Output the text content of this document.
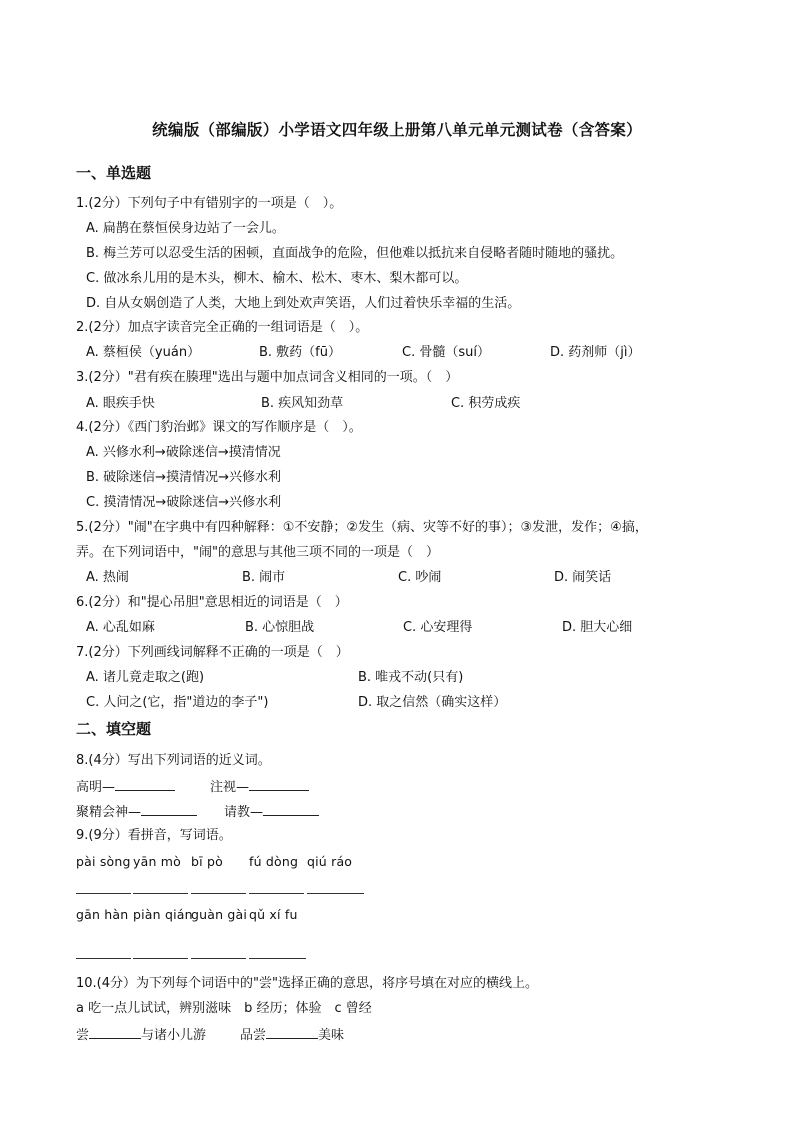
统编版（部编版）小学语文四年级上册第八单元单元测试卷（含答案）
一、单选题
1.(2分）下列句子中有错别字的一项是（　）。
A. 扁鹊在蔡恒侯身边站了一会儿。
B. 梅兰芳可以忍受生活的困顿，直面战争的危险，但他难以抵抗来自侵略者随时随地的骚扰。
C. 做冰糸儿用的是木头，柳木、榆木、松木、枣木、梨木都可以。
D. 自从女娲创造了人类，大地上到处欢声笑语，人们过着快乐幸福的生活。
2.(2分）加点字读音完全正确的一组词语是（　）。
A. 蔡桓侯（yuán）	B. 敷药（fū）	C. 骨髓（suí）	D. 药剂师（jì）
3.(2分）"君有疾在腠理"选出与题中加点词含义相同的一项。（　）
A. 眼疾手快	B. 疾风知劲草	C. 积劳成疾
4.(2分）《西门豹治邺》课文的写作顺序是（　）。
A. 兴修水利→破除迷信→摸清情况
B. 破除迷信→摸清情况→兴修水利
C. 摸清情况→破除迷信→兴修水利
5.(2分）"闹"在字典中有四种解释：①不安静；②发生（病、灾等不好的事）；③发泄，发作；④搞，
弄。在下列词语中，"闹"的意思与其他三项不同的一项是（　）
A. 热闹	B. 闹市	C. 吵闹	D. 闹笑话
6.(2分）和"提心吊胆"意思相近的词语是（　）
A. 心乱如麻	B. 心惊胆战	C. 心安理得	D. 胆大心细
7.(2分）下列画线词解释不正确的一项是（　）
A. 诸儿竟走取之(跑)	B. 唯戎不动(只有)
C. 人问之(它，指"道边的李子")	D. 取之信然（确实这样）
二、填空题
8.(4分）写出下列词语的近义词。
高明—	注视—
聚精会神—	请教—
9.(9分）看拼音，写词语。
pài sòng yān mò bī pò fú dòng qiú ráo
gān hàn piàn qián
guàn gài qǔ xí fu
10.(4分）为下列每个词语中的"尝"选择正确的意思，将序号填在对应的横线上。
a 吃一点儿试试，辨别滋味　b 经历；体验　c 曾经
尝	与诸小儿游	品尝	美味
